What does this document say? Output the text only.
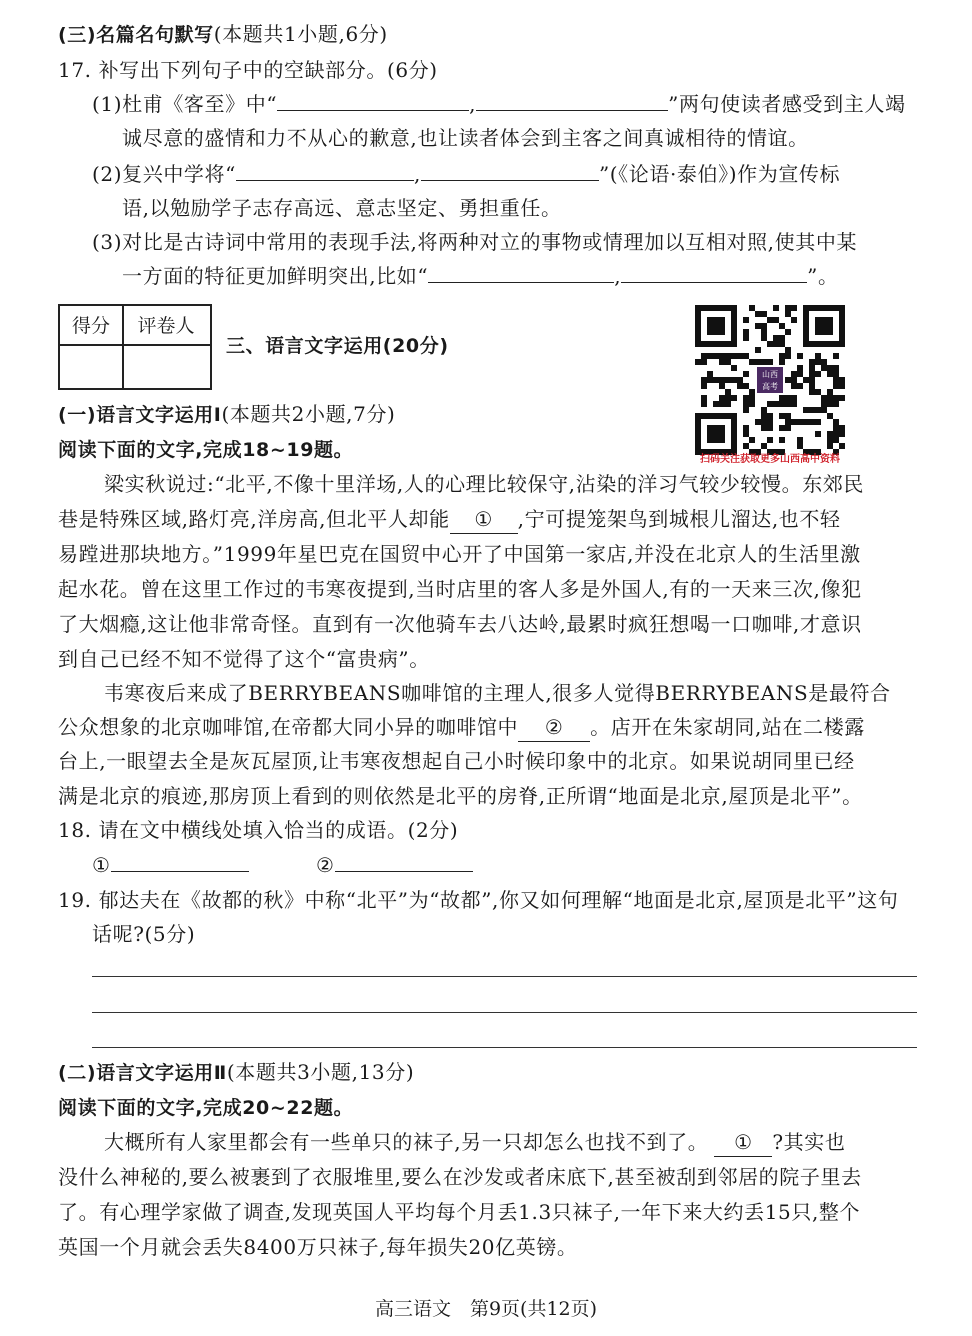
(三)名篇名句默写(本题共1小题,6分)
17. 补写出下列句子中的空缺部分。(6分)
(1)杜甫《客至》中“	,	”两句使读者感受到主人竭
诚尽意的盛情和力不从心的歉意,也让读者体会到主客之间真诚相待的情谊。
(2)复兴中学将“	,	”(《论语·泰伯》)作为宣传标
语,以勉励学子志存高远、意志坚定、勇担重任。
(3)对比是古诗词中常用的表现手法,将两种对立的事物或情理加以互相对照,使其中某
一方面的特征更加鲜明突出,比如“	,	”。
得分	评卷人
三、语言文字运用(20分)
山西
高考
扫码关注获取更多山西高中资料
(一)语言文字运用Ⅰ(本题共2小题,7分)
阅读下面的文字,完成18~19题。
梁实秋说过:“北平,不像十里洋场,人的心理比较保守,沾染的洋习气较少较慢。东郊民
巷是特殊区域,路灯亮,洋房高,但北平人却能 ① ,宁可提笼架鸟到城根儿溜达,也不轻
易蹚进那块地方。”1999年星巴克在国贸中心开了中国第一家店,并没在北京人的生活里激
起水花。曾在这里工作过的韦寒夜提到,当时店里的客人多是外国人,有的一天来三次,像犯
了大烟瘾,这让他非常奇怪。直到有一次他骑车去八达岭,最累时疯狂想喝一口咖啡,才意识
到自己已经不知不觉得了这个“富贵病”。
韦寒夜后来成了BERRYBEANS咖啡馆的主理人,很多人觉得BERRYBEANS是最符合
公众想象的北京咖啡馆,在帝都大同小异的咖啡馆中 ② 。店开在朱家胡同,站在二楼露
台上,一眼望去全是灰瓦屋顶,让韦寒夜想起自己小时候印象中的北京。如果说胡同里已经
满是北京的痕迹,那房顶上看到的则依然是北平的房脊,正所谓“地面是北京,屋顶是北平”。
18. 请在文中横线处填入恰当的成语。(2分)
①	②
19. 郁达夫在《故都的秋》中称“北平”为“故都”,你又如何理解“地面是北京,屋顶是北平”这句
话呢?(5分)
(二)语言文字运用Ⅱ(本题共3小题,13分)
阅读下面的文字,完成20~22题。
大概所有人家里都会有一些单只的袜子,另一只却怎么也找不到了。 ① ?其实也
没什么神秘的,要么被裹到了衣服堆里,要么在沙发或者床底下,甚至被刮到邻居的院子里去
了。有心理学家做了调查,发现英国人平均每个月丢1.3只袜子,一年下来大约丢15只,整个
英国一个月就会丢失8400万只袜子,每年损失20亿英镑。
高三语文　第9页(共12页)
